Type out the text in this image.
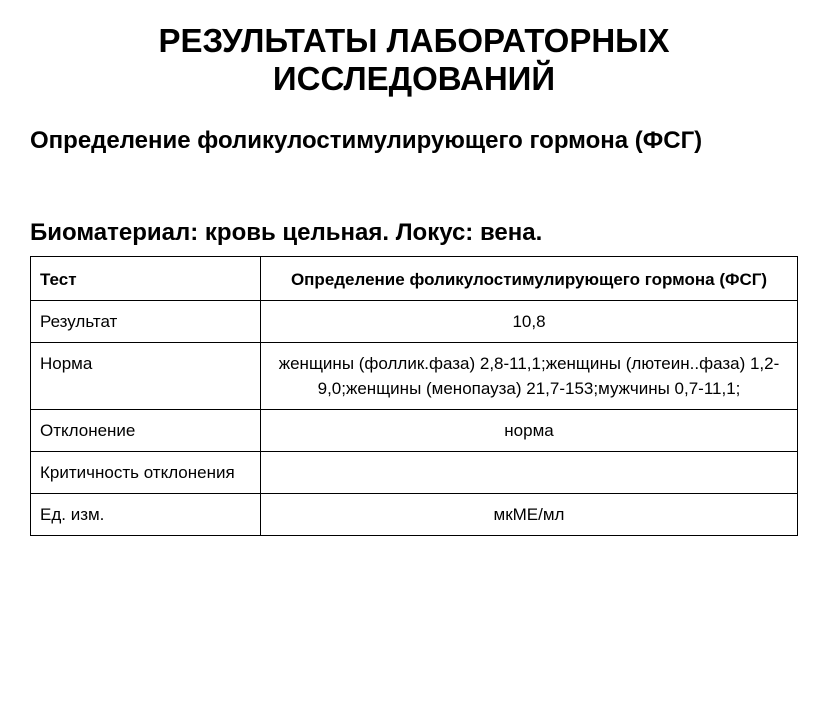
РЕЗУЛЬТАТЫ ЛАБОРАТОРНЫХ
ИССЛЕДОВАНИЙ
Определение фоликулостимулирующего гормона (ФСГ)
Биоматериал: кровь цельная. Локус: вена.
Тест	Определение фоликулостимулирующего гормона (ФСГ)
Результат	10,8
Норма	женщины (фоллик.фаза) 2,8-11,1;женщины (лютеин..фаза) 1,2-9,0;женщины (менопауза) 21,7-153;мужчины 0,7-11,1;
Отклонение	норма
Критичность отклонения	
Ед. изм.	мкМЕ/мл
